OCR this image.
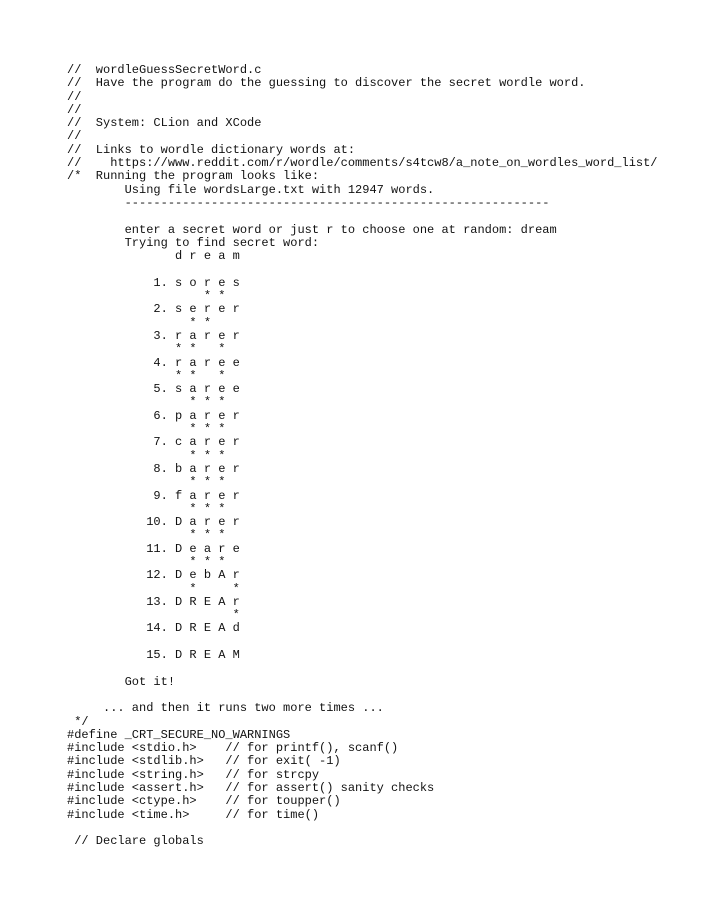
//  wordleGuessSecretWord.c
//  Have the program do the guessing to discover the secret wordle word.
//
//
//  System: CLion and XCode
//
//  Links to wordle dictionary words at:
//    https://www.reddit.com/r/wordle/comments/s4tcw8/a_note_on_wordles_word_list/
/*  Running the program looks like:
Using file wordsLarge.txt with 12947 words.
-----------------------------------------------------------
enter a secret word or just r to choose one at random: dream
Trying to find secret word:
d r e a m
1. s o r e s
* *
2. s e r e r
* *
3. r a r e r
* *   *
4. r a r e e
* *   *
5. s a r e e
* * *
6. p a r e r
* * *
7. c a r e r
* * *
8. b a r e r
* * *
9. f a r e r
* * *
10. D a r e r
* * *
11. D e a r e
* * *
12. D e b A r
*     *
13. D R E A r
*
14. D R E A d
15. D R E A M
Got it!
... and then it runs two more times ...
*/
#define _CRT_SECURE_NO_WARNINGS
#include <stdio.h>    // for printf(), scanf()
#include <stdlib.h>   // for exit( -1)
#include <string.h>   // for strcpy
#include <assert.h>   // for assert() sanity checks
#include <ctype.h>    // for toupper()
#include <time.h>     // for time()
// Declare globals
